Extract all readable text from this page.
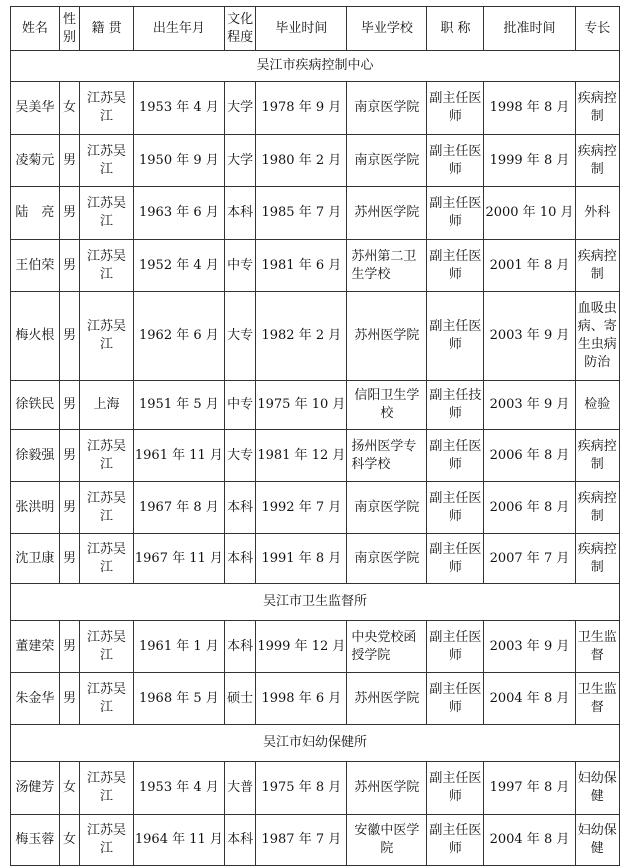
姓名	性别	籍 贯	出生年月	文化程度	毕业时间	毕业学校	职 称	批准时间	专长
吴江市疾病控制中心									
吴美华	女	江苏吴江	1953 年 4 月	大学	1978 年 9 月	南京医学院	副主任医师	1998 年 8 月	疾病控制
凌菊元	男	江苏吴江	1950 年 9 月	大学	1980 年 2 月	南京医学院	副主任医师	1999 年 8 月	疾病控制
陆　亮	男	江苏吴江	1963 年 6 月	本科	1985 年 7 月	苏州医学院	副主任医师	2000 年 10 月	外科
王伯荣	男	江苏吴江	1952 年 4 月	中专	1981 年 6 月	苏州第二卫生学校	副主任医师	2001 年 8 月	疾病控制
梅火根	男	江苏吴江	1962 年 6 月	大专	1982 年 2 月	苏州医学院	副主任医师	2003 年 9 月	血吸虫病、寄生虫病防治
徐铁民	男	上海	1951 年 5 月	中专	1975 年 10 月	信阳卫生学校	副主任技师	2003 年 9 月	检验
徐毅强	男	江苏吴江	1961 年 11 月	大专	1981 年 12 月	扬州医学专科学校	副主任医师	2006 年 8 月	疾病控制
张洪明	男	江苏吴江	1967 年 8 月	本科	1992 年 7 月	南京医学院	副主任医师	2006 年 8 月	疾病控制
沈卫康	男	江苏吴江	1967 年 11 月	本科	1991 年 8 月	南京医学院	副主任医师	2007 年 7 月	疾病控制
吴江市卫生监督所									
董建荣	男	江苏吴江	1961 年 1 月	本科	1999 年 12 月	中央党校函授学院	副主任医师	2003 年 9 月	卫生监督
朱金华	男	江苏吴江	1968 年 5 月	硕士	1998 年 6 月	苏州医学院	副主任医师	2004 年 8 月	卫生监督
吴江市妇幼保健所									
汤健芳	女	江苏吴江	1953 年 4 月	大普	1975 年 8 月	苏州医学院	副主任医师	1997 年 8 月	妇幼保健
梅玉蓉	女	江苏吴江	1964 年 11 月	本科	1987 年 7 月	安徽中医学院	副主任医师	2004 年 8 月	妇幼保健
